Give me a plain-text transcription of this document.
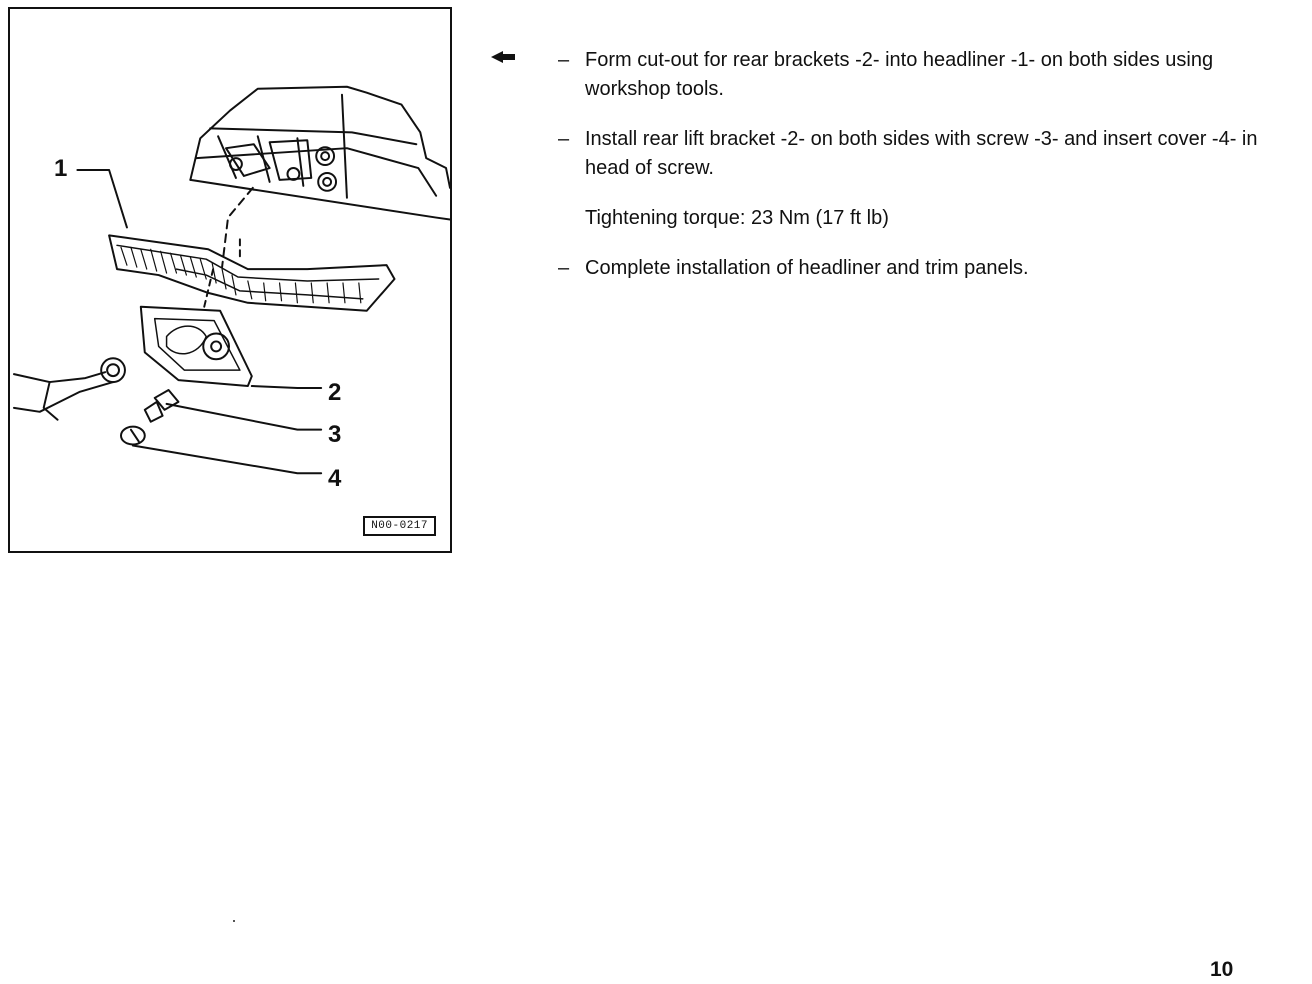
1
2
3
4
N00-0217
– Form cut-out for rear brackets -2- into headliner -1- on both sides using workshop tools.
– Install rear lift bracket -2- on both sides with screw -3- and insert cover -4- in head of screw.
Tightening torque: 23 Nm (17 ft lb)
– Complete installation of headliner and trim panels.
10
